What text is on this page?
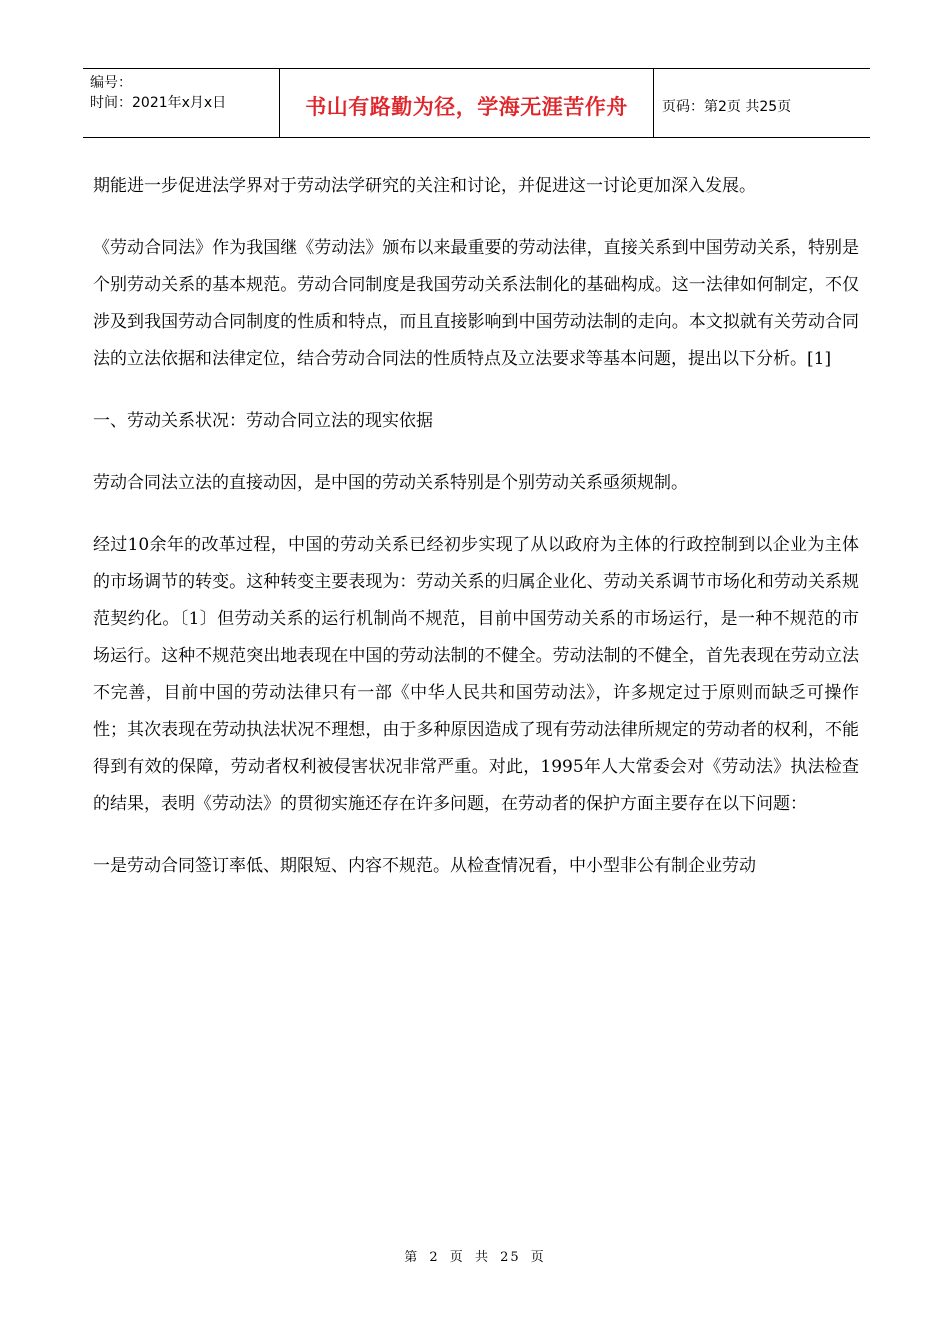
编号：
时间：2021年x月x日	书山有路勤为径，学海无涯苦作舟	页码：第2页 共25页

期能进一步促进法学界对于劳动法学研究的关注和讨论，并促进这一讨论更加深入发展。

《劳动合同法》作为我国继《劳动法》颁布以来最重要的劳动法律，直接关系到中国劳动关系，特别是个别劳动关系的基本规范。劳动合同制度是我国劳动关系法制化的基础构成。这一法律如何制定，不仅涉及到我国劳动合同制度的性质和特点，而且直接影响到中国劳动法制的走向。本文拟就有关劳动合同法的立法依据和法律定位，结合劳动合同法的性质特点及立法要求等基本问题，提出以下分析。[1]

一、劳动关系状况：劳动合同立法的现实依据

劳动合同法立法的直接动因，是中国的劳动关系特别是个别劳动关系亟须规制。

经过10余年的改革过程，中国的劳动关系已经初步实现了从以政府为主体的行政控制到以企业为主体的市场调节的转变。这种转变主要表现为：劳动关系的归属企业化、劳动关系调节市场化和劳动关系规范契约化。〔1〕但劳动关系的运行机制尚不规范，目前中国劳动关系的市场运行，是一种不规范的市场运行。这种不规范突出地表现在中国的劳动法制的不健全。劳动法制的不健全，首先表现在劳动立法不完善，目前中国的劳动法律只有一部《中华人民共和国劳动法》，许多规定过于原则而缺乏可操作性；其次表现在劳动执法状况不理想，由于多种原因造成了现有劳动法律所规定的劳动者的权利，不能得到有效的保障，劳动者权利被侵害状况非常严重。对此，1995年人大常委会对《劳动法》执法检查的结果，表明《劳动法》的贯彻实施还存在许多问题，在劳动者的保护方面主要存在以下问题：

一是劳动合同签订率低、期限短、内容不规范。从检查情况看，中小型非公有制企业劳动

第 2 页 共 25 页
